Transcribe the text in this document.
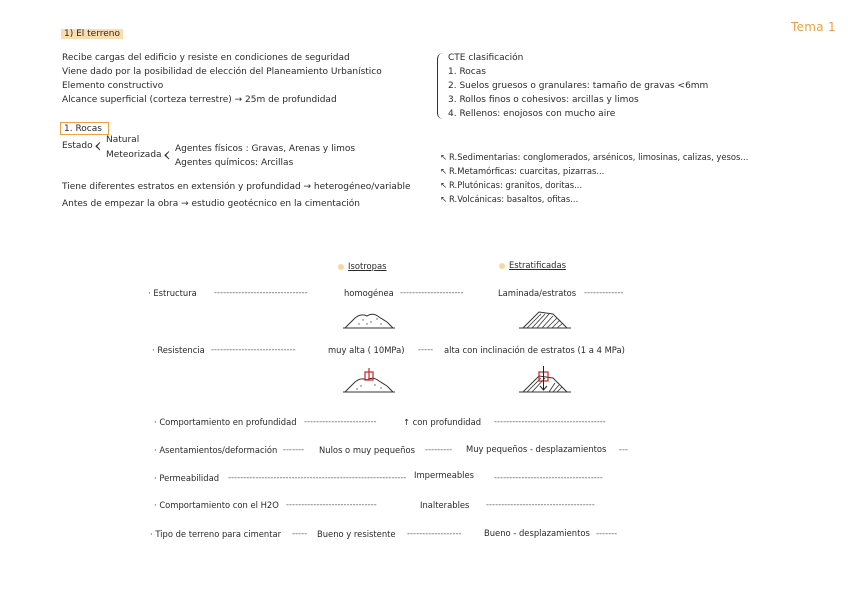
Tema 1
1) El terreno
Recibe cargas del edificio y resiste en condiciones de seguridad
Viene dado por la posibilidad de elección del Planeamiento Urbanístico
Elemento constructivo
Alcance superficial (corteza terrestre) → 25m de profundidad
1. Rocas
Estado ‹ Natural
Meteorizada ‹ Agentes físicos : Gravas, Arenas y limos
Agentes químicos: Arcillas
Tiene diferentes estratos en extensión y profundidad → heterogéneo/variable
Antes de empezar la obra → estudio geotécnico en la cimentación
CTE clasificación
1. Rocas
2. Suelos gruesos o granulares: tamaño de gravas <6mm
3. Rollos finos o cohesivos: arcillas y limos
4. Rellenos: enojosos con mucho aire
↖ R.Sedimentarias: conglomerados, arsénicos, limosinas, calizas, yesos...
↖ R.Metamórficas: cuarcitas, pizarras...
↖ R.Plutónicas: granitos, doritas...
↖ R.Volcánicas: basaltos, ofitas...
Isotropas	Estratificadas
· Estructura -------------------------------	homogénea ---------------------	Laminada/estratos -------------
· Resistencia ----------------------------	muy alta ( 10MPa) ----- alta con inclinación de estratos (1 a 4 MPa)
· Comportamiento en profundidad ------------------------	↑ con profundidad -------------------------------------
· Asentamientos/deformación ------- Nulos o muy pequeños --------- Muy pequeños - desplazamientos ---
· Permeabilidad ----------------------------------------------------------- Impermeables ------------------------------------
· Comportamiento con el H2O ------------------------------	Inalterables ------------------------------------
· Tipo de terreno para cimentar ----- Bueno y resistente ------------------	Bueno - desplazamientos -------
